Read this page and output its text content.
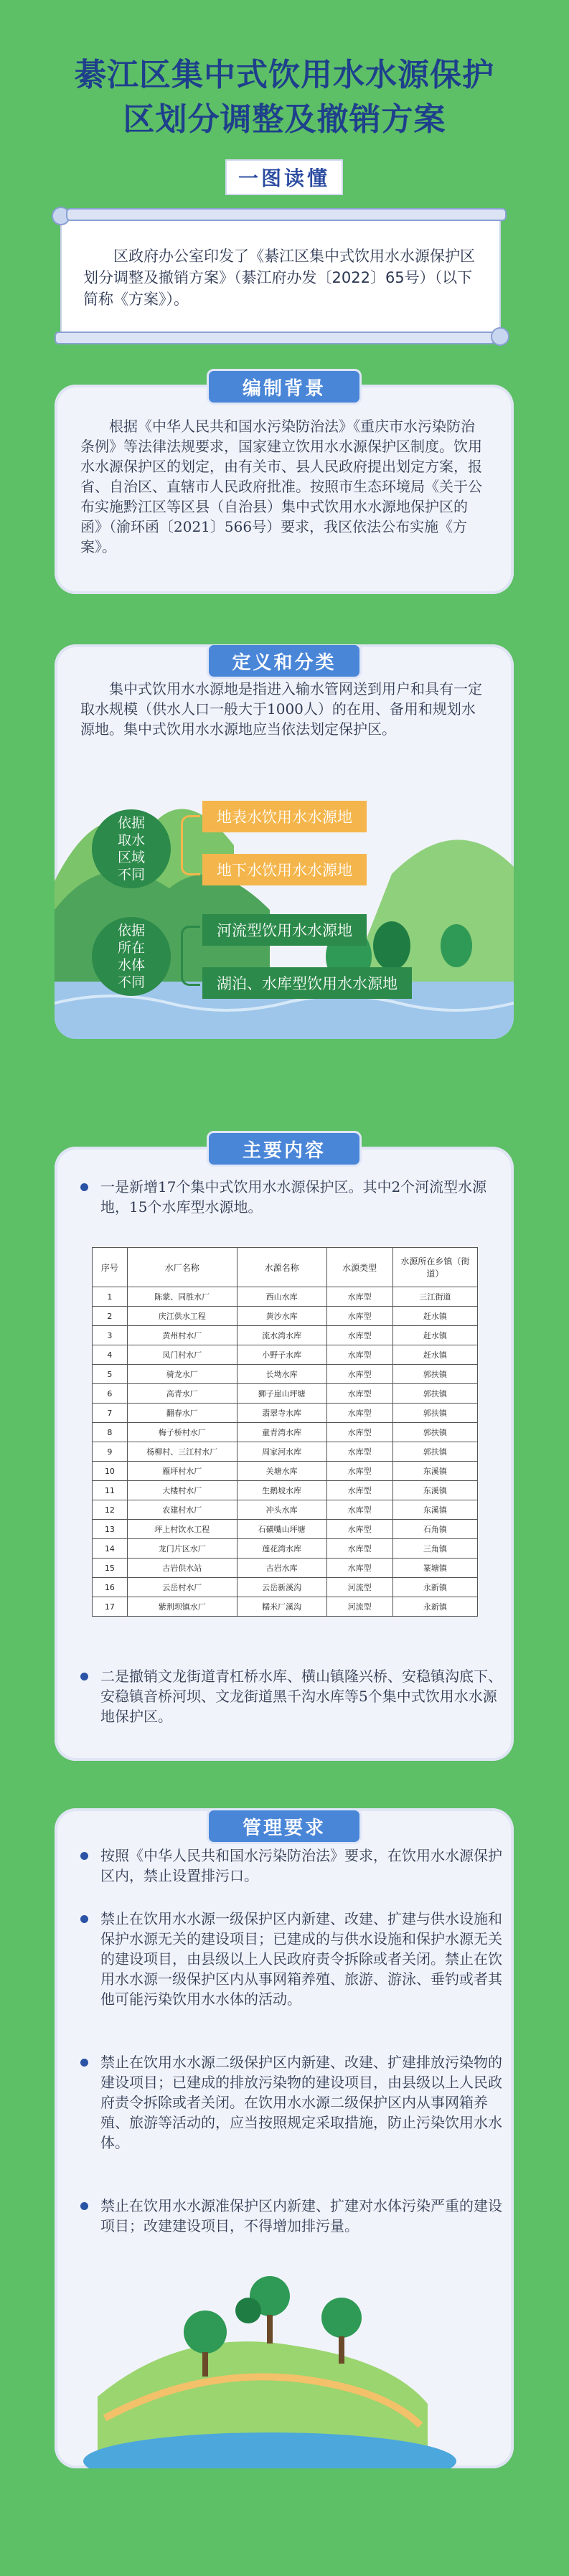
綦江区集中式饮用水水源保护
区划分调整及撤销方案
一图读懂

区政府办公室印发了《綦江区集中式饮用水水源保护区划分调整及撤销方案》（綦江府办发〔2022〕65号）（以下简称《方案》）。

编制背景

根据《中华人民共和国水污染防治法》《重庆市水污染防治条例》等法律法规要求，国家建立饮用水水源保护区制度。饮用水水源保护区的划定，由有关市、县人民政府提出划定方案，报省、自治区、直辖市人民政府批准。按照市生态环境局《关于公布实施黔江区等区县（自治县）集中式饮用水水源地保护区的函》（渝环函〔2021〕566号）要求，我区依法公布实施《方案》。

定义和分类

集中式饮用水水源地是指进入输水管网送到用户和具有一定取水规模（供水人口一般大于1000人）的在用、备用和规划水源地。集中式饮用水水源地应当依法划定保护区。

依据
取水
区域
不同
地表水饮用水水源地
地下水饮用水水源地
依据
所在
水体
不同
河流型饮用水水源地
湖泊、水库型饮用水水源地
主要内容

一是新增17个集中式饮用水水源保护区。其中2个河流型水源地，15个水库型水源地。

序号	水厂名称	水源名称	水源类型	水源所在乡镇（街道）
1	陈蒙、同胜水厂	西山水库	水库型	三江街道
2	庆江供水工程	黄沙水库	水库型	赶水镇
3	黄州村水厂	流水湾水库	水库型	赶水镇
4	凤门村水厂	小野子水库	水库型	赶水镇
5	骑龙水厂	长坳水库	水库型	郭扶镇
6	高青水厂	狮子崖山坪塘	水库型	郭扶镇
7	翻春水厂	翡翠寺水库	水库型	郭扶镇
8	梅子桥村水厂	童青湾水库	水库型	郭扶镇
9	杨柳村、三江村水厂	周家河水库	水库型	郭扶镇
10	雁坪村水厂	关塘水库	水库型	东溪镇
11	大楼村水厂	生鹅坡水库	水库型	东溪镇
12	农建村水厂	冲头水库	水库型	东溪镇
13	坪上村饮水工程	石磺嘴山坪塘	水库型	石角镇
14	龙门片区水厂	莲花湾水库	水库型	三角镇
15	古岩供水站	古岩水库	水库型	篆塘镇
16	云岳村水厂	云岳新溪沟	河流型	永新镇
17	紫荆坝镇水厂	糯米厂溪沟	河流型	永新镇

二是撤销文龙街道青杠桥水库、横山镇隆兴桥、安稳镇沟底下、安稳镇音桥河坝、文龙街道黑千沟水库等5个集中式饮用水水源地保护区。

管理要求

按照《中华人民共和国水污染防治法》要求，在饮用水水源保护区内，禁止设置排污口。

禁止在饮用水水源一级保护区内新建、改建、扩建与供水设施和保护水源无关的建设项目；已建成的与供水设施和保护水源无关的建设项目，由县级以上人民政府责令拆除或者关闭。禁止在饮用水水源一级保护区内从事网箱养殖、旅游、游泳、垂钓或者其他可能污染饮用水水体的活动。

禁止在饮用水水源二级保护区内新建、改建、扩建排放污染物的建设项目；已建成的排放污染物的建设项目，由县级以上人民政府责令拆除或者关闭。在饮用水水源二级保护区内从事网箱养殖、旅游等活动的，应当按照规定采取措施，防止污染饮用水水体。

禁止在饮用水水源准保护区内新建、扩建对水体污染严重的建设项目；改建建设项目，不得增加排污量。
